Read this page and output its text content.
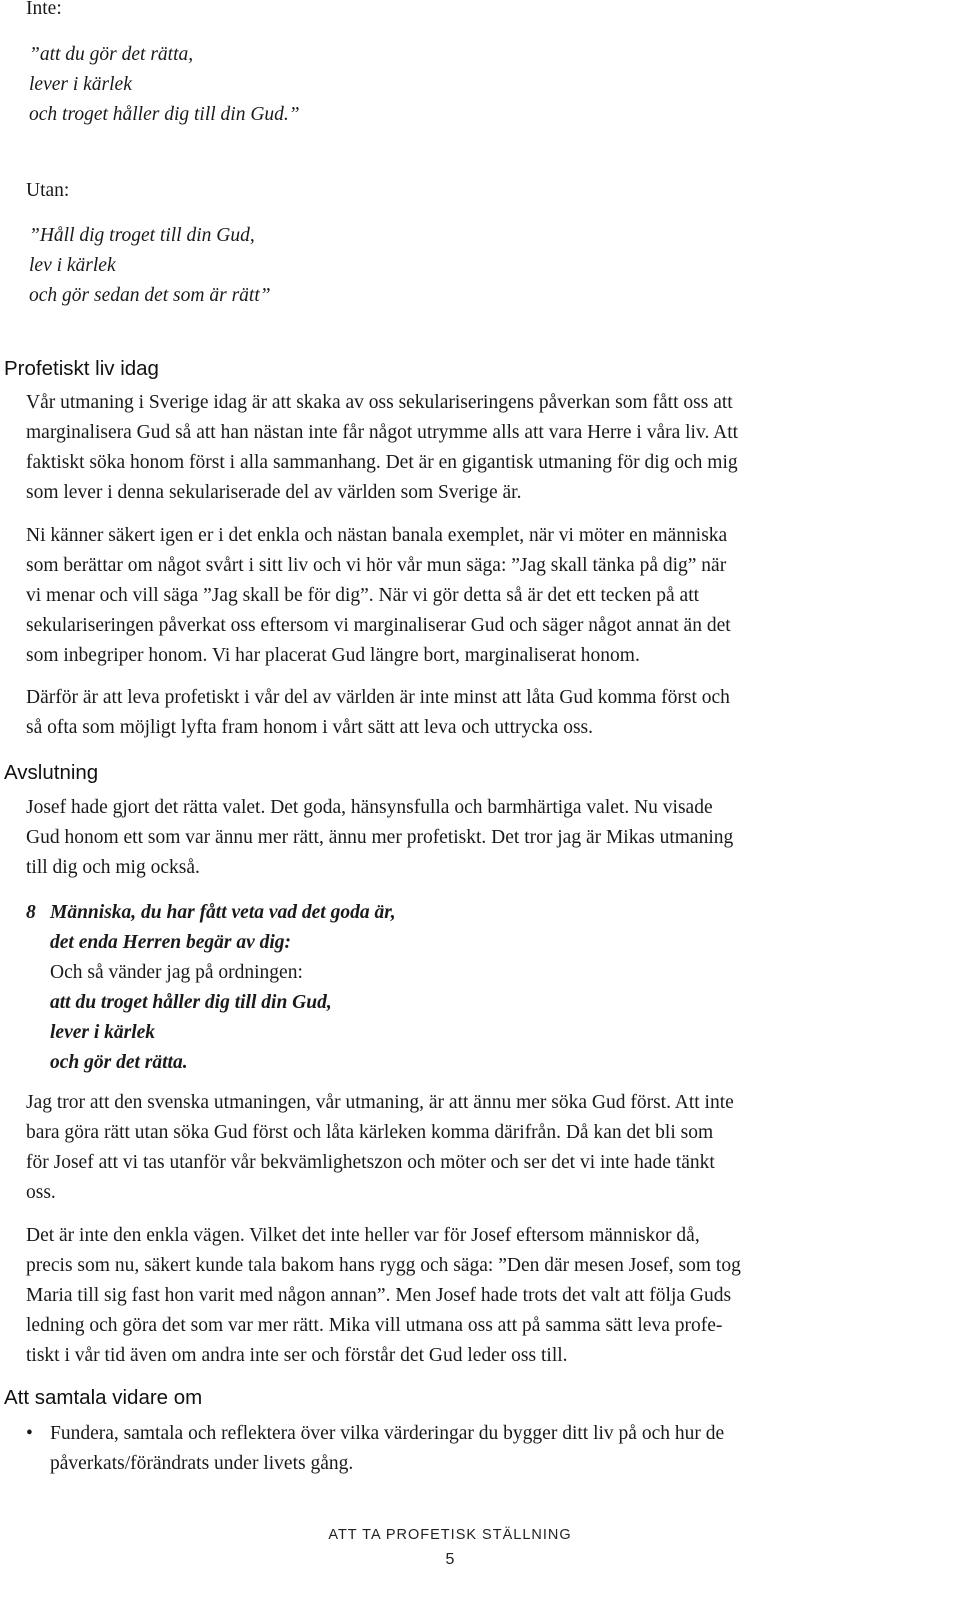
Inte:
”att du gör det rätta,
lever i kärlek
och troget håller dig till din Gud.”
Utan:
”Håll dig troget till din Gud,
lev i kärlek
och gör sedan det som är rätt”
Profetiskt liv idag
Vår utmaning i Sverige idag är att skaka av oss sekulariseringens påverkan som fått oss att
marginalisera Gud så att han nästan inte får något utrymme alls att vara Herre i våra liv. Att
faktiskt söka honom först i alla sammanhang. Det är en gigantisk utmaning för dig och mig
som lever i denna sekulariserade del av världen som Sverige är.
Ni känner säkert igen er i det enkla och nästan banala exemplet, när vi möter en människa
som berättar om något svårt i sitt liv och vi hör vår mun säga: ”Jag skall tänka på dig” när
vi menar och vill säga ”Jag skall be för dig”. När vi gör detta så är det ett tecken på att
sekulariseringen påverkat oss eftersom vi marginaliserar Gud och säger något annat än det
som inbegriper honom. Vi har placerat Gud längre bort, marginaliserat honom.
Därför är att leva profetiskt i vår del av världen är inte minst att låta Gud komma först och
så ofta som möjligt lyfta fram honom i vårt sätt att leva och uttrycka oss.
Avslutning
Josef hade gjort det rätta valet. Det goda, hänsynsfulla och barmhärtiga valet. Nu visade
Gud honom ett som var ännu mer rätt, ännu mer profetiskt. Det tror jag är Mikas utmaning
till dig och mig också.
8 Människa, du har fått veta vad det goda är,
det enda Herren begär av dig:
Och så vänder jag på ordningen:
att du troget håller dig till din Gud,
lever i kärlek
och gör det rätta.
Jag tror att den svenska utmaningen, vår utmaning, är att ännu mer söka Gud först. Att inte
bara göra rätt utan söka Gud först och låta kärleken komma därifrån. Då kan det bli som
för Josef att vi tas utanför vår bekvämlighetszon och möter och ser det vi inte hade tänkt
oss.
Det är inte den enkla vägen. Vilket det inte heller var för Josef eftersom människor då,
precis som nu, säkert kunde tala bakom hans rygg och säga: ”Den där mesen Josef, som tog
Maria till sig fast hon varit med någon annan”. Men Josef hade trots det valt att följa Guds
ledning och göra det som var mer rätt. Mika vill utmana oss att på samma sätt leva profe-
tiskt i vår tid även om andra inte ser och förstår det Gud leder oss till.
Att samtala vidare om
• Fundera, samtala och reflektera över vilka värderingar du bygger ditt liv på och hur de
påverkats/förändrats under livets gång.
ATT TA PROFETISK STÄLLNING
5
